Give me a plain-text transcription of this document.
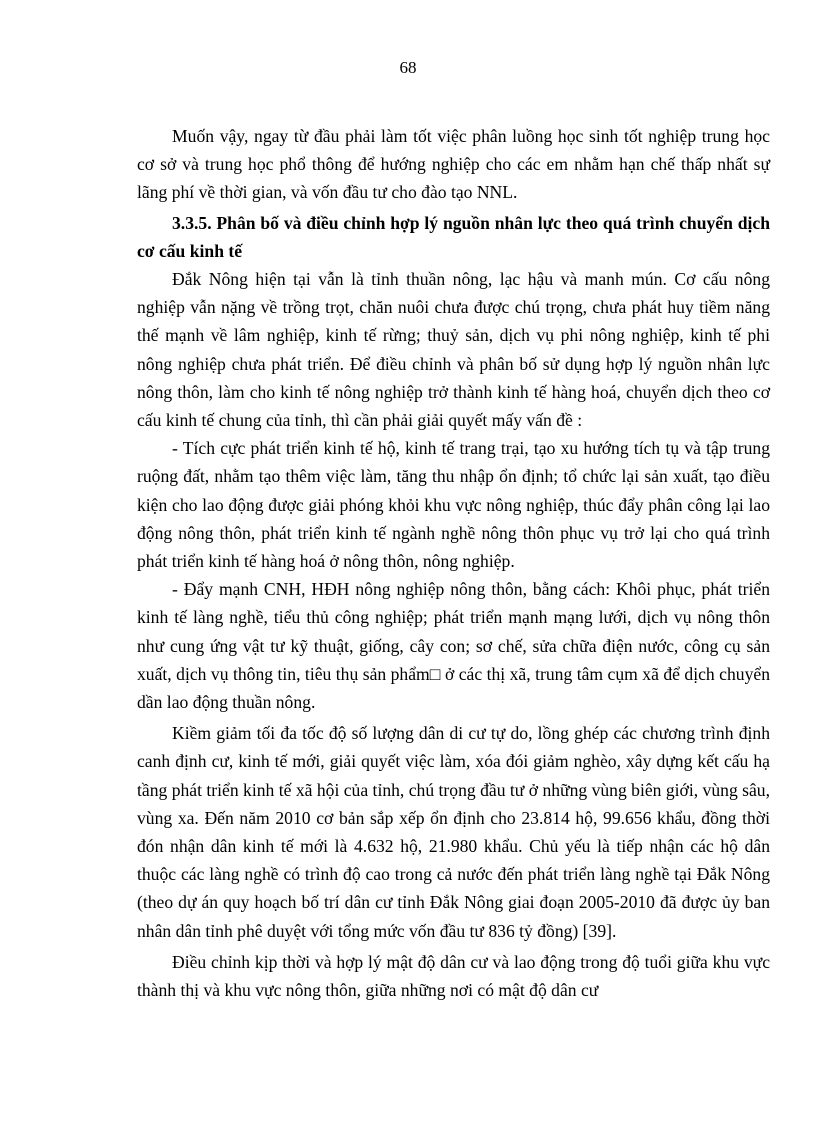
68

Muốn vậy, ngay từ đầu phải làm tốt việc phân luồng học sinh tốt nghiệp trung học cơ sở và trung học phổ thông để hướng nghiệp cho các em nhằm hạn chế thấp nhất sự lãng phí về thời gian, và vốn đầu tư cho đào tạo NNL.

3.3.5. Phân bố và điều chỉnh hợp lý nguồn nhân lực theo quá trình chuyển dịch cơ cấu kinh tế

Đắk Nông hiện tại vẫn là tỉnh thuần nông, lạc hậu và manh mún. Cơ cấu nông nghiệp vẫn nặng về trồng trọt, chăn nuôi chưa được chú trọng, chưa phát huy tiềm năng thế mạnh về lâm nghiệp, kinh tế rừng; thuỷ sản, dịch vụ phi nông nghiệp, kinh tế phi nông nghiệp chưa phát triển. Để điều chỉnh và phân bố sử dụng hợp lý nguồn nhân lực nông thôn, làm cho kinh tế nông nghiệp trở thành kinh tế hàng hoá, chuyển dịch theo cơ cấu kinh tế chung của tỉnh, thì cần phải giải quyết mấy vấn đề :

- Tích cực phát triển kinh tế hộ, kinh tế trang trại, tạo xu hướng tích tụ và tập trung ruộng đất, nhằm tạo thêm việc làm, tăng thu nhập ổn định; tổ chức lại sản xuất, tạo điều kiện cho lao động được giải phóng khỏi khu vực nông nghiệp, thúc đẩy phân công lại lao động nông thôn, phát triển kinh tế ngành nghề nông thôn phục vụ trở lại cho quá trình phát triển kinh tế hàng hoá ở nông thôn, nông nghiệp.

- Đẩy mạnh CNH, HĐH nông nghiệp nông thôn, bằng cách: Khôi phục, phát triển kinh tế làng nghề, tiểu thủ công nghiệp; phát triển mạnh mạng lưới, dịch vụ nông thôn như cung ứng vật tư kỹ thuật, giống, cây con; sơ chế, sửa chữa điện nước, công cụ sản xuất, dịch vụ thông tin, tiêu thụ sản phẩm□ ở các thị xã, trung tâm cụm xã để dịch chuyển dần lao động thuần nông.

Kiềm giảm tối đa tốc độ số lượng dân di cư tự do, lồng ghép các chương trình định canh định cư, kinh tế mới, giải quyết việc làm, xóa đói giảm nghèo, xây dựng kết cấu hạ tầng phát triển kinh tế xã hội của tỉnh, chú trọng đầu tư ở những vùng biên giới, vùng sâu, vùng xa. Đến năm 2010 cơ bản sắp xếp ổn định cho 23.814 hộ, 99.656 khẩu, đồng thời đón nhận dân kinh tế mới là 4.632 hộ, 21.980 khẩu. Chủ yếu là tiếp nhận các hộ dân thuộc các làng nghề có trình độ cao trong cả nước đến phát triển làng nghề tại Đắk Nông (theo dự án quy hoạch bố trí dân cư tỉnh Đắk Nông giai đoạn 2005-2010 đã được ủy ban nhân dân tỉnh phê duyệt với tổng mức vốn đầu tư 836 tỷ đồng) [39].

Điều chỉnh kịp thời và hợp lý mật độ dân cư và lao động trong độ tuổi giữa khu vực thành thị và khu vực nông thôn, giữa những nơi có mật độ dân cư
